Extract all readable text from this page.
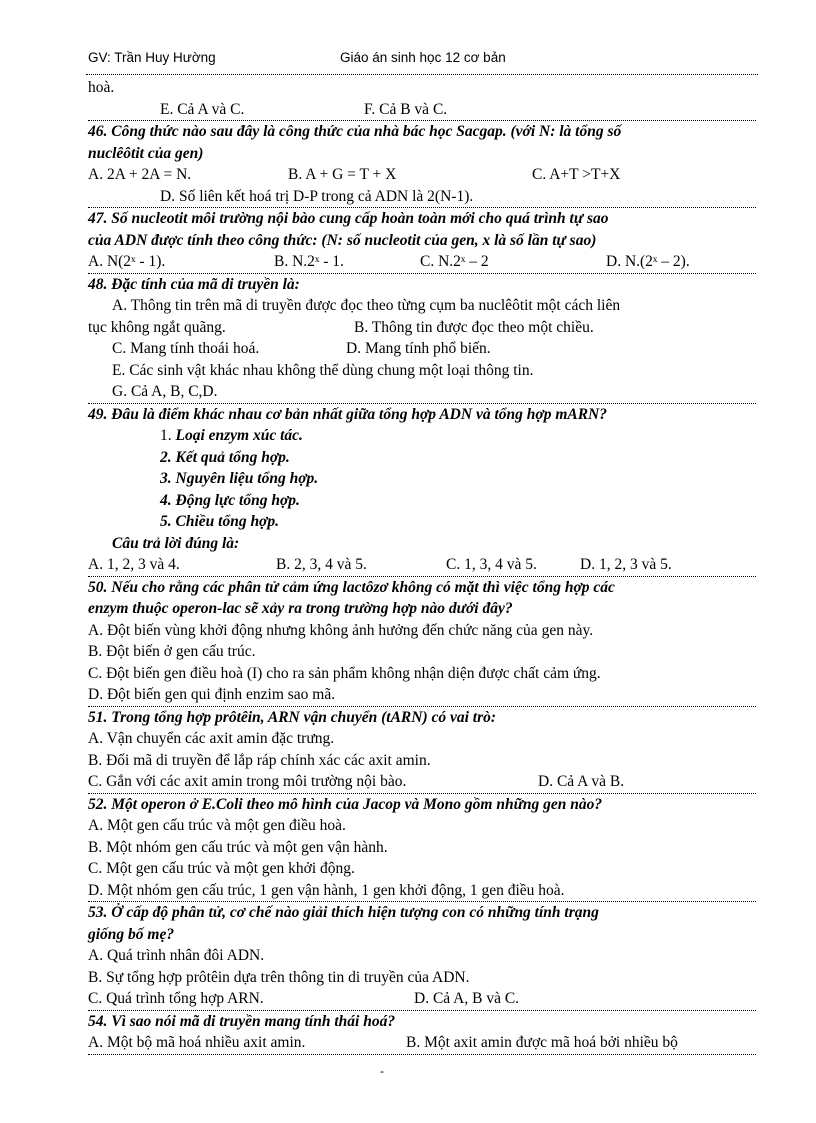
GV: Trần Huy Hường	Giáo án sinh học 12 cơ bản
hoà.
E. Cả A và C.	F. Cả B và C.
46. Công thức nào sau đây là công thức của nhà bác học Sacgap. (với N: là tổng số
nuclêôtit của gen)
A. 2A + 2A = N.	B. A + G = T + X	C. A+T >T+X
D. Số liên kết hoá trị D-P trong cả ADN là 2(N-1).
47. Số nucleotit môi trường nội bào cung cấp hoàn toàn mới cho quá trình tự sao
của ADN được tính theo công thức: (N: số nucleotit của gen, x là số lần tự sao)
A. N(2ˣ - 1).	B. N.2ˣ - 1.	C. N.2ˣ – 2	D. N.(2ˣ – 2).
48. Đặc tính của mã di truyền là:
A. Thông tin trên mã di truyền được đọc theo từng cụm ba nuclêôtit một cách liên
tục không ngắt quãng.	B. Thông tin được đọc theo một chiều.
C. Mang tính thoái hoá.	D. Mang tính phổ biến.
E. Các sinh vật khác nhau không thể dùng chung một loại thông tin.
G. Cả A, B, C,D.
49. Đâu là điểm khác nhau cơ bản nhất giữa tổng hợp ADN và tổng hợp mARN?
1. Loại enzym xúc tác.
2. Kết quả tổng hợp.
3. Nguyên liệu tổng hợp.
4. Động lực tổng hợp.
5. Chiều tổng hợp.
Câu trả lời đúng là:
A. 1, 2, 3 và 4.	B. 2, 3, 4 và 5.	C. 1, 3, 4 và 5.	D. 1, 2, 3 và 5.
50. Nếu cho rằng các phân tử cảm ứng lactôzơ không có mặt thì việc tổng hợp các
enzym thuộc operon-lac sẽ xảy ra trong trường hợp nào dưới đây?
A. Đột biến vùng khởi động nhưng không ảnh hưởng đến chức năng của gen này.
B. Đột biến ở gen cấu trúc.
C. Đột biến gen điều hoà (I) cho ra sản phẩm không nhận diện được chất cảm ứng.
D. Đột biến gen qui định enzim sao mã.
51. Trong tổng hợp prôtêin, ARN vận chuyển (tARN) có vai trò:
A. Vận chuyển các axit amin đặc trưng.
B. Đối mã di truyền để lắp ráp chính xác các axit amin.
C. Gắn với các axit amin trong môi trường nội bào.	D. Cả A và B.
52. Một operon ở E.Coli theo mô hình của Jacop và Mono gồm những gen nào?
A. Một gen cấu trúc và một gen điều hoà.
B. Một nhóm gen cấu trúc và một gen vận hành.
C. Một gen cấu trúc và một gen khởi động.
D. Một nhóm gen cấu trúc, 1 gen vận hành, 1 gen khởi động, 1 gen điều hoà.
53. Ở cấp độ phân tử, cơ chế nào giải thích hiện tượng con có những tính trạng
giống bố mẹ?
A. Quá trình nhân đôi ADN.
B. Sự tổng hợp prôtêin dựa trên thông tin di truyền của ADN.
C. Quá trình tổng hợp ARN.	D. Cả A, B và C.
54. Vì sao nói mã di truyền mang tính thái hoá?
A. Một bộ mã hoá nhiều axit amin.	B. Một axit amin được mã hoá bởi nhiều bộ
-
